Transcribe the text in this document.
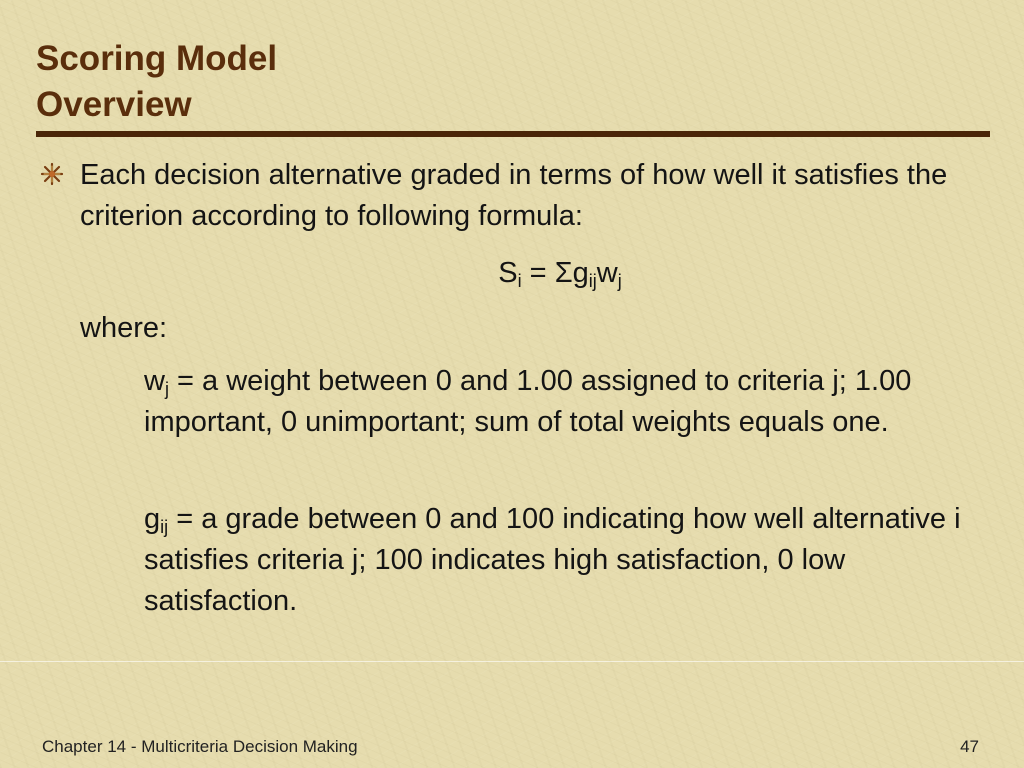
Scoring Model
Overview
Each decision alternative graded in terms of how well it satisfies the criterion according to following formula:
$S_i = \Sigma g_{ij}w_j$
where:
$w_j = a$ weight between 0 and 1.00 assigned to criteria j; 1.00 important, 0 unimportant; sum of total weights equals one.
$g_{ij} = a$ grade between 0 and 100 indicating how well alternative i satisfies criteria j; 100 indicates high satisfaction, 0 low satisfaction.
Chapter 14 - Multicriteria Decision Making	47
